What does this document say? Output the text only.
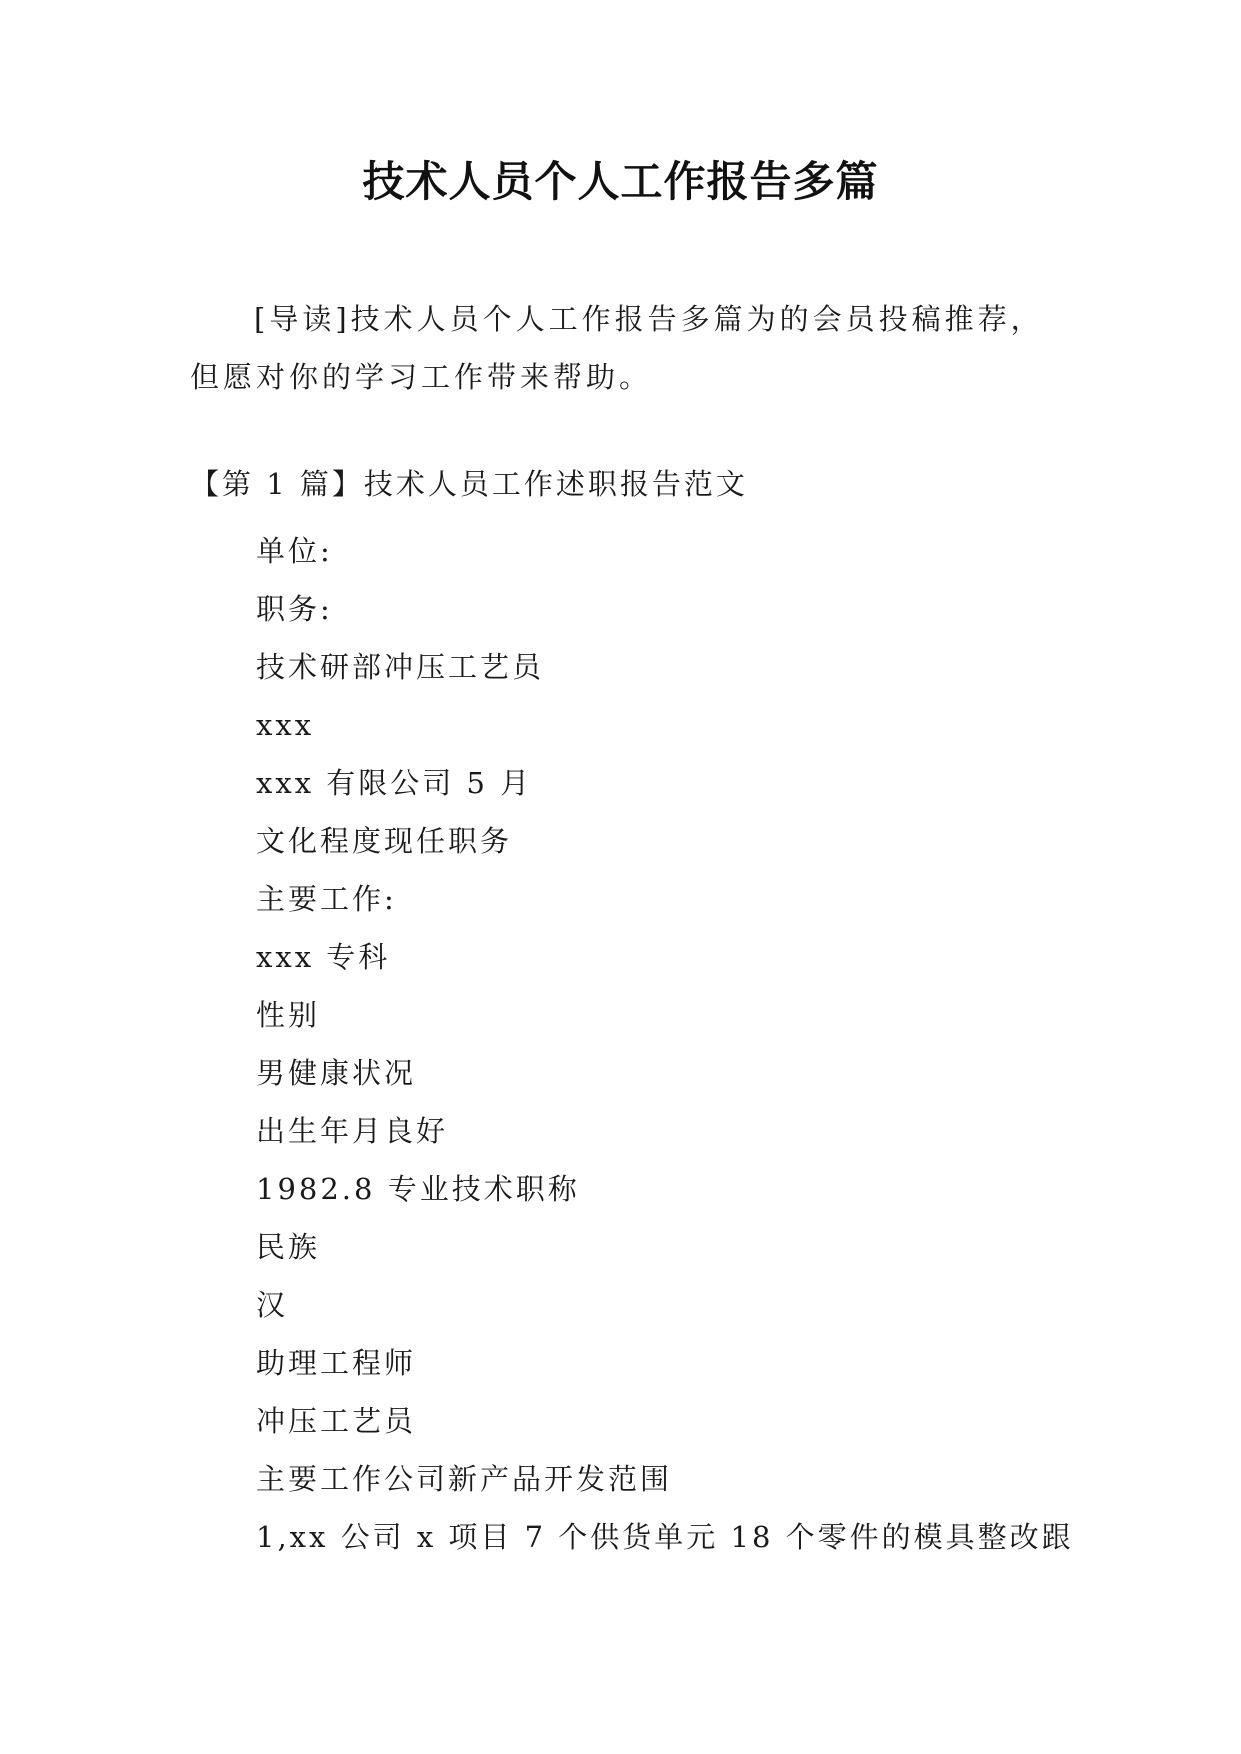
技术人员个人工作报告多篇
[导读]技术人员个人工作报告多篇为的会员投稿推荐，
但愿对你的学习工作带来帮助。
【第 1 篇】技术人员工作述职报告范文
单位:
职务:
技术研部冲压工艺员
xxx
xxx 有限公司 5 月
文化程度现任职务
主要工作:
xxx 专科
性别
男健康状况
出生年月良好
1982.8 专业技术职称
民族
汉
助理工程师
冲压工艺员
主要工作公司新产品开发范围
1,xx 公司 x 项目 7 个供货单元 18 个零件的模具整改跟
